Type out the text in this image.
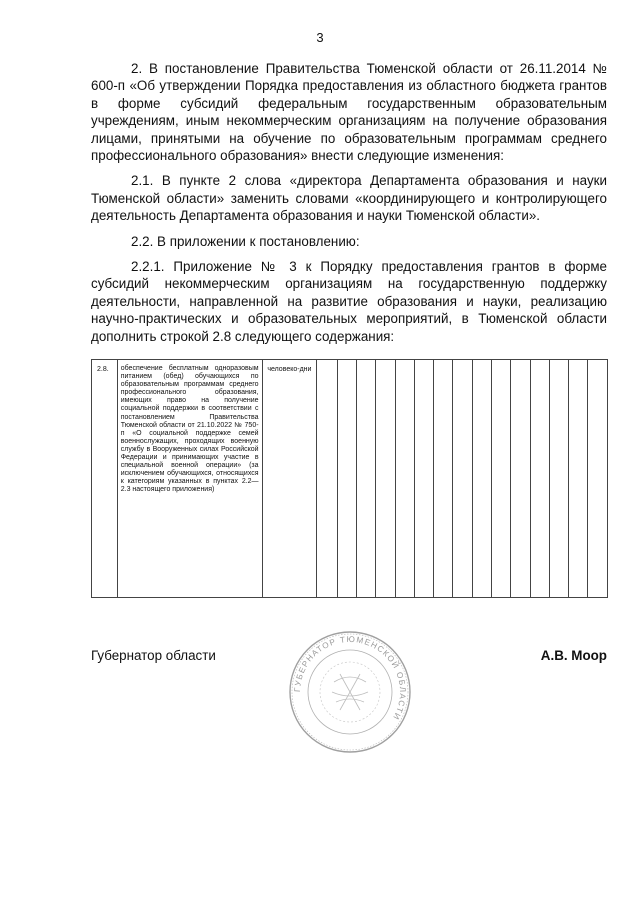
3

2. В постановление Правительства Тюменской области от 26.11.2014 № 600-п «Об утверждении Порядка предоставления из областного бюджета грантов в форме субсидий федеральным государственным образовательным учреждениям, иным некоммерческим организациям на получение образования лицами, принятыми на обучение по образовательным программам среднего профессионального образования» внести следующие изменения:

2.1. В пункте 2 слова «директора Департамента образования и науки Тюменской области» заменить словами «координирующего и контролирующего деятельность Департамента образования и науки Тюменской области».

2.2. В приложении к постановлению:

2.2.1. Приложение № 3 к Порядку предоставления грантов в форме субсидий некоммерческим организациям на государственную поддержку деятельности, направленной на развитие образования и науки, реализацию научно-практических и образовательных мероприятий, в Тюменской области дополнить строкой 2.8 следующего содержания:

2.8.	обеспечение бесплатным одноразовым питанием (обед) обучающихся по образовательным программам среднего профессионального образования, имеющих право на получение социальной поддержки в соответствии с постановлением Правительства Тюменской области от 21.10.2022 № 750-п «О социальной поддержке семей военнослужащих, проходящих военную службу в Вооруженных силах Российской Федерации и принимающих участие в специальной военной операции» (за исключением обучающихся, относящихся к категориям указанных в пунктах 2.2—2.3 настоящего приложения)	человеко-дни															
Губернатор области
ГУБЕРНАТОР ТЮМЕНСКОЙ ОБЛАСТИ
А.В. Моор
